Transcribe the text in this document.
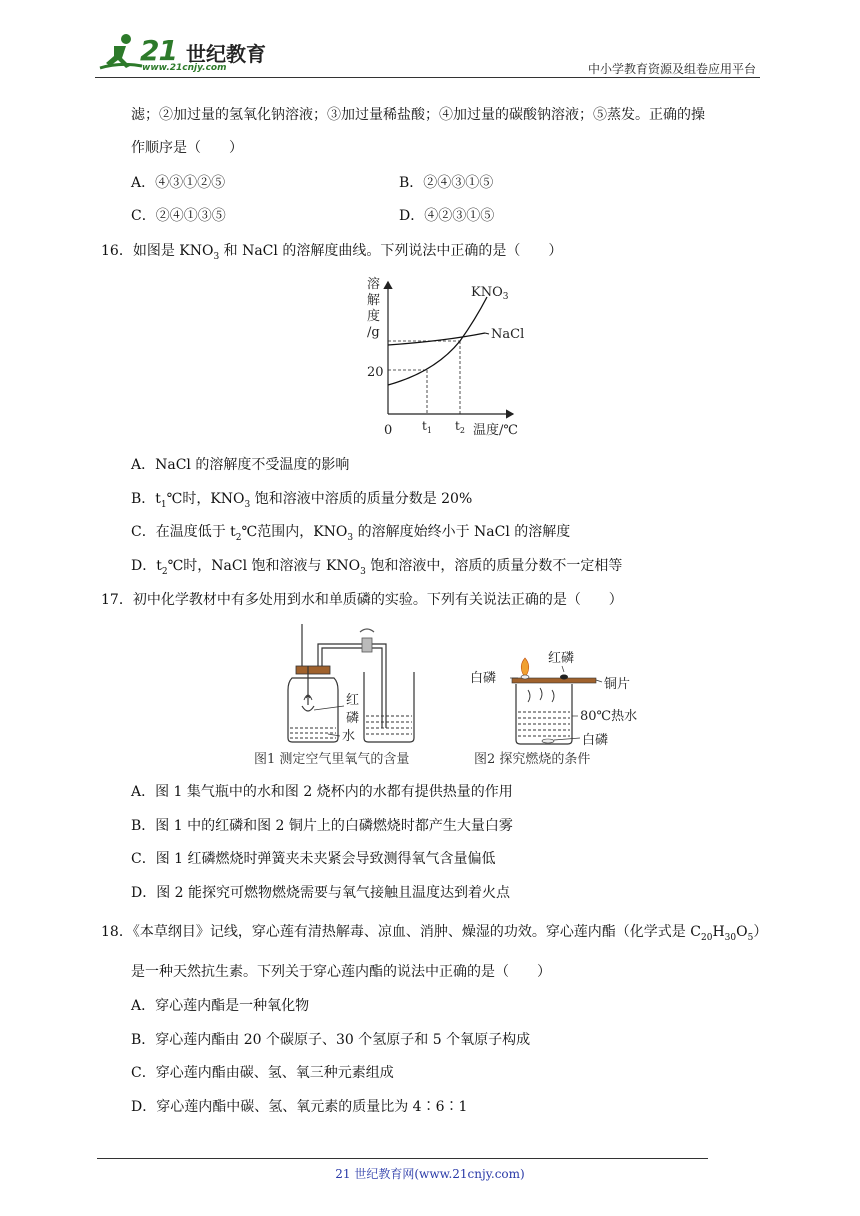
21 世纪教育
www.21cnjy.com	中小学教育资源及组卷应用平台
滤；②加过量的氢氧化钠溶液；③加过量稀盐酸；④加过量的碳酸钠溶液；⑤蒸发。正确的操
作顺序是（　　）
A．④③①②⑤	B．②④③①⑤
C．②④①③⑤	D．④②③①⑤
16．如图是 $KNO_3$ 和 NaCl 的溶解度曲线。下列说法中正确的是（　　）
溶
解
度
/g
20
0 $t_1$ $t_2$ 温度/℃
$KNO_3$
NaCl
A．NaCl 的溶解度不受温度的影响
B．$t_1℃$时，$KNO_3$ 饱和溶液中溶质的质量分数是 20%
C．在温度低于 $t_2℃$范围内，$KNO_3$ 的溶解度始终小于 NaCl 的溶解度
D．$t_2℃$时，NaCl 饱和溶液与 $KNO_3$ 饱和溶液中，溶质的质量分数不一定相等
17．初中化学教材中有多处用到水和单质磷的实验。下列有关说法正确的是（　　）
红
磷
水
图1 测定空气里氧气的含量
白磷
红磷
铜片
80℃热水
白磷
图2 探究燃烧的条件
A．图 1 集气瓶中的水和图 2 烧杯内的水都有提供热量的作用
B．图 1 中的红磷和图 2 铜片上的白磷燃烧时都产生大量白雾
C．图 1 红磷燃烧时弹簧夹未夹紧会导致测得氧气含量偏低
D．图 2 能探究可燃物燃烧需要与氧气接触且温度达到着火点
18．《本草纲目》记线，穿心莲有清热解毒、凉血、消肿、燥湿的功效。穿心莲内酯（化学式是 $C_{20}H_{30}O_5$）
是一种天然抗生素。下列关于穿心莲内酯的说法中正确的是（　　）
A．穿心莲内酯是一种氧化物
B．穿心莲内酯由 20 个碳原子、30 个氢原子和 5 个氧原子构成
C．穿心莲内酯由碳、氢、氧三种元素组成
D．穿心莲内酯中碳、氢、氧元素的质量比为 4∶6∶1
21 世纪教育网(www.21cnjy.com)
